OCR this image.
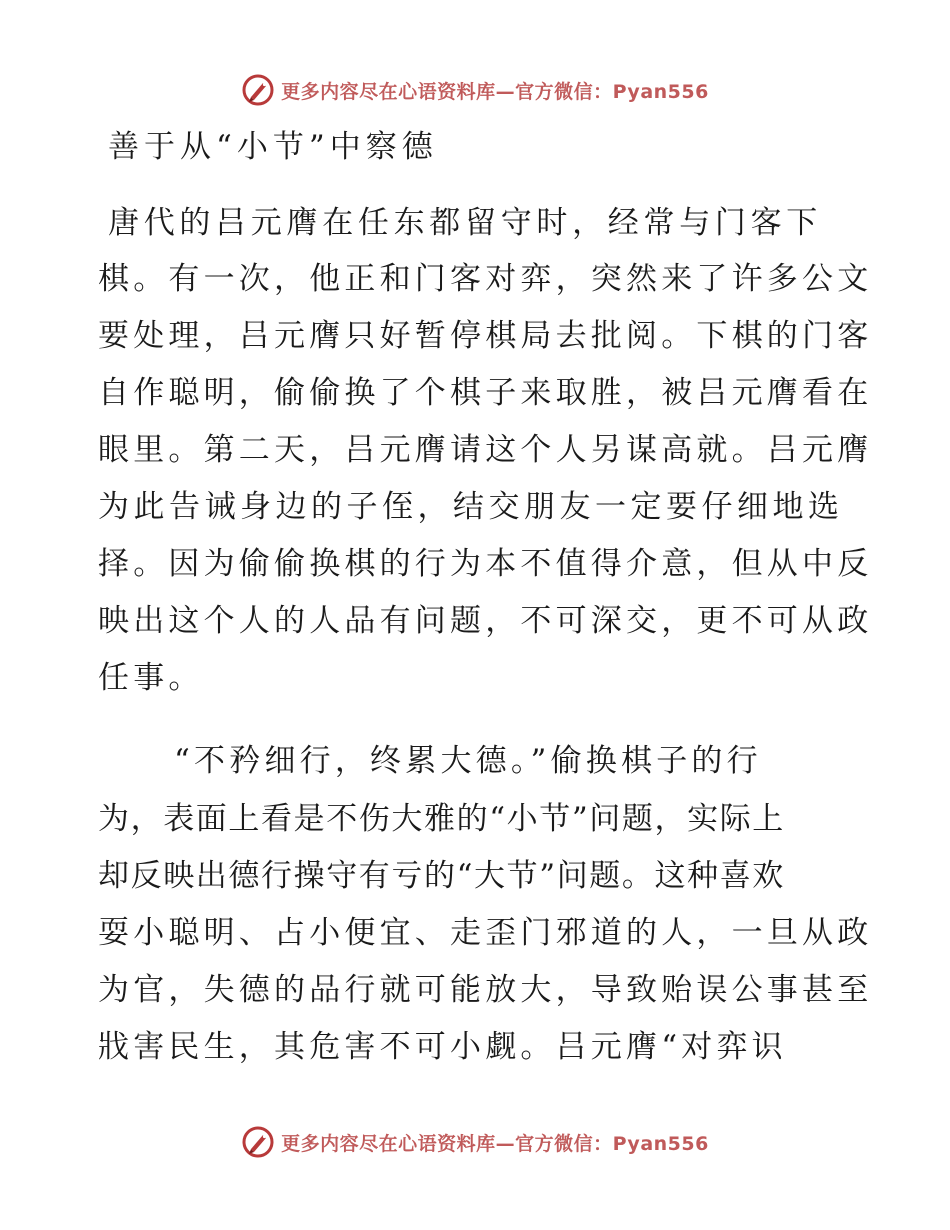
更多内容尽在心语资料库—官方微信：Pyan556
善于从“小节”中察德

唐代的吕元膺在任东都留守时，经常与门客下

棋。有一次，他正和门客对弈，突然来了许多公文

要处理，吕元膺只好暂停棋局去批阅。下棋的门客

自作聪明，偷偷换了个棋子来取胜，被吕元膺看在

眼里。第二天，吕元膺请这个人另谋高就。吕元膺

为此告诫身边的子侄，结交朋友一定要仔细地选

择。因为偷偷换棋的行为本不值得介意，但从中反

映出这个人的人品有问题，不可深交，更不可从政

任事。

“不矜细行，终累大德。”偷换棋子的行

为，表面上看是不伤大雅的“小节”问题，实际上

却反映出德行操守有亏的“大节”问题。这种喜欢

耍小聪明、占小便宜、走歪门邪道的人，一旦从政

为官，失德的品行就可能放大，导致贻误公事甚至

戕害民生，其危害不可小觑。吕元膺“对弈识

更多内容尽在心语资料库—官方微信：Pyan556
